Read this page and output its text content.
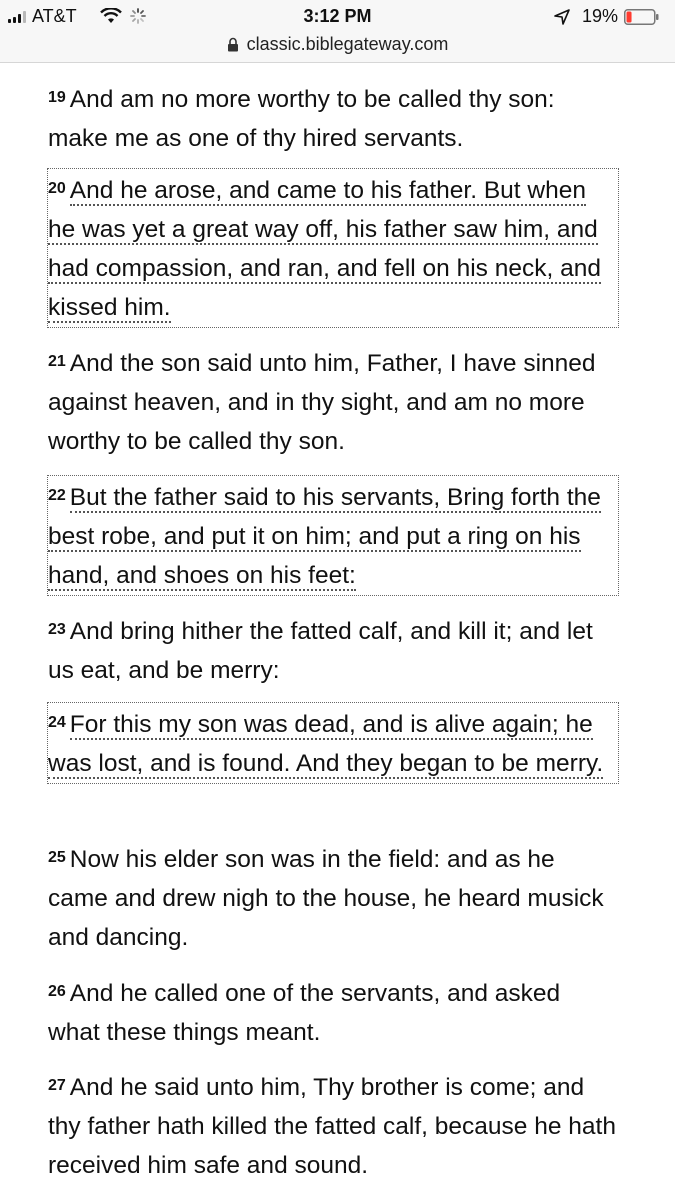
AT&T	3:12 PM	19%
classic.biblegateway.com

$^{19}$ And am no more worthy to be called thy son: make me as one of thy hired servants.

$^{20}$ And he arose, and came to his father. But when he was yet a great way off, his father saw him, and had compassion, and ran, and fell on his neck, and kissed him.

$^{21}$ And the son said unto him, Father, I have sinned against heaven, and in thy sight, and am no more worthy to be called thy son.

$^{22}$ But the father said to his servants, Bring forth the best robe, and put it on him; and put a ring on his hand, and shoes on his feet:

$^{23}$ And bring hither the fatted calf, and kill it; and let us eat, and be merry:

$^{24}$ For this my son was dead, and is alive again; he was lost, and is found. And they began to be merry.

$^{25}$ Now his elder son was in the field: and as he came and drew nigh to the house, he heard musick and dancing.

$^{26}$ And he called one of the servants, and asked what these things meant.

$^{27}$ And he said unto him, Thy brother is come; and thy father hath killed the fatted calf, because he hath received him safe and sound.
